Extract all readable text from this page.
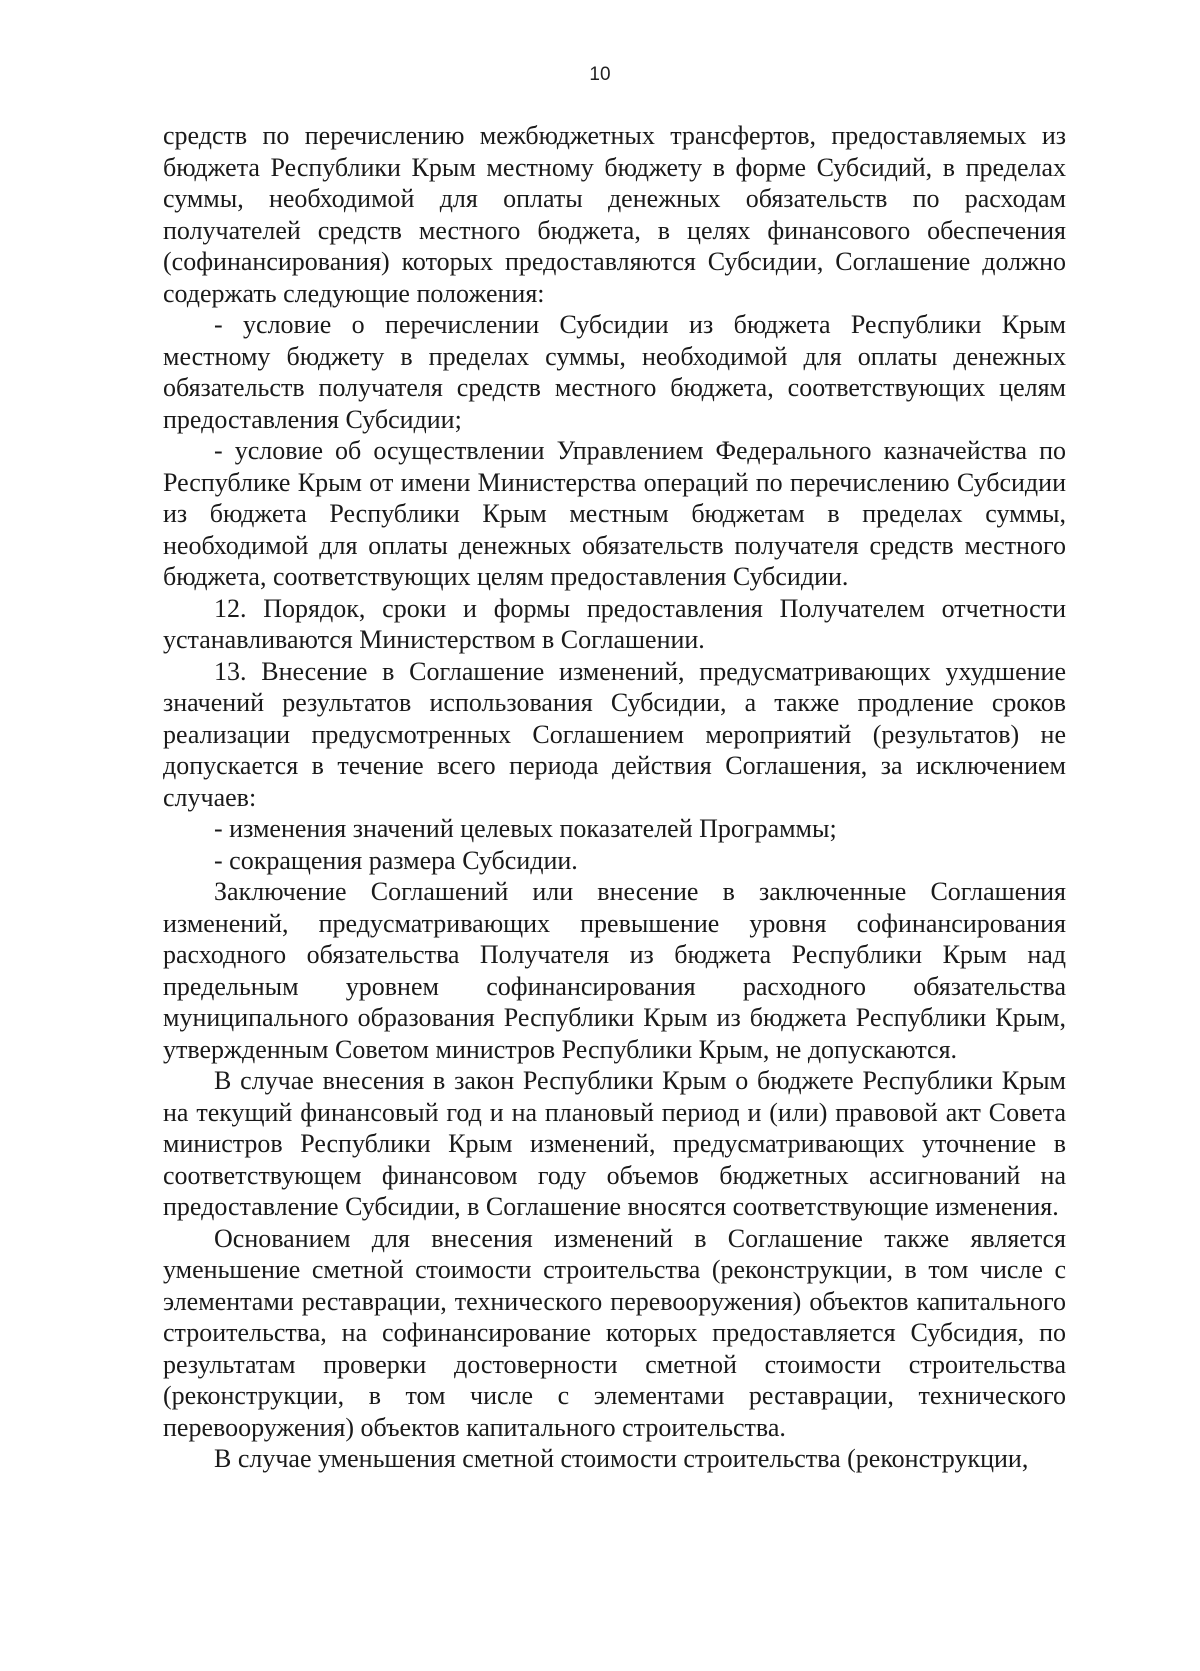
10

средств по перечислению межбюджетных трансфертов, предоставляемых из бюджета Республики Крым местному бюджету в форме Субсидий, в пределах суммы, необходимой для оплаты денежных обязательств по расходам получателей средств местного бюджета, в целях финансового обеспечения (софинансирования) которых предоставляются Субсидии, Соглашение должно содержать следующие положения:

- условие о перечислении Субсидии из бюджета Республики Крым местному бюджету в пределах суммы, необходимой для оплаты денежных обязательств получателя средств местного бюджета, соответствующих целям предоставления Субсидии;

- условие об осуществлении Управлением Федерального казначейства по Республике Крым от имени Министерства операций по перечислению Субсидии из бюджета Республики Крым местным бюджетам в пределах суммы, необходимой для оплаты денежных обязательств получателя средств местного бюджета, соответствующих целям предоставления Субсидии.

12. Порядок, сроки и формы предоставления Получателем отчетности устанавливаются Министерством в Соглашении.

13. Внесение в Соглашение изменений, предусматривающих ухудшение значений результатов использования Субсидии, а также продление сроков реализации предусмотренных Соглашением мероприятий (результатов) не допускается в течение всего периода действия Соглашения, за исключением случаев:

- изменения значений целевых показателей Программы;

- сокращения размера Субсидии.

Заключение Соглашений или внесение в заключенные Соглашения изменений, предусматривающих превышение уровня софинансирования расходного обязательства Получателя из бюджета Республики Крым над предельным уровнем софинансирования расходного обязательства муниципального образования Республики Крым из бюджета Республики Крым, утвержденным Советом министров Республики Крым, не допускаются.

В случае внесения в закон Республики Крым о бюджете Республики Крым на текущий финансовый год и на плановый период и (или) правовой акт Совета министров Республики Крым изменений, предусматривающих уточнение в соответствующем финансовом году объемов бюджетных ассигнований на предоставление Субсидии, в Соглашение вносятся соответствующие изменения.

Основанием для внесения изменений в Соглашение также является уменьшение сметной стоимости строительства (реконструкции, в том числе с элементами реставрации, технического перевооружения) объектов капитального строительства, на софинансирование которых предоставляется Субсидия, по результатам проверки достоверности сметной стоимости строительства (реконструкции, в том числе с элементами реставрации, технического перевооружения) объектов капитального строительства.

В случае уменьшения сметной стоимости строительства (реконструкции,
